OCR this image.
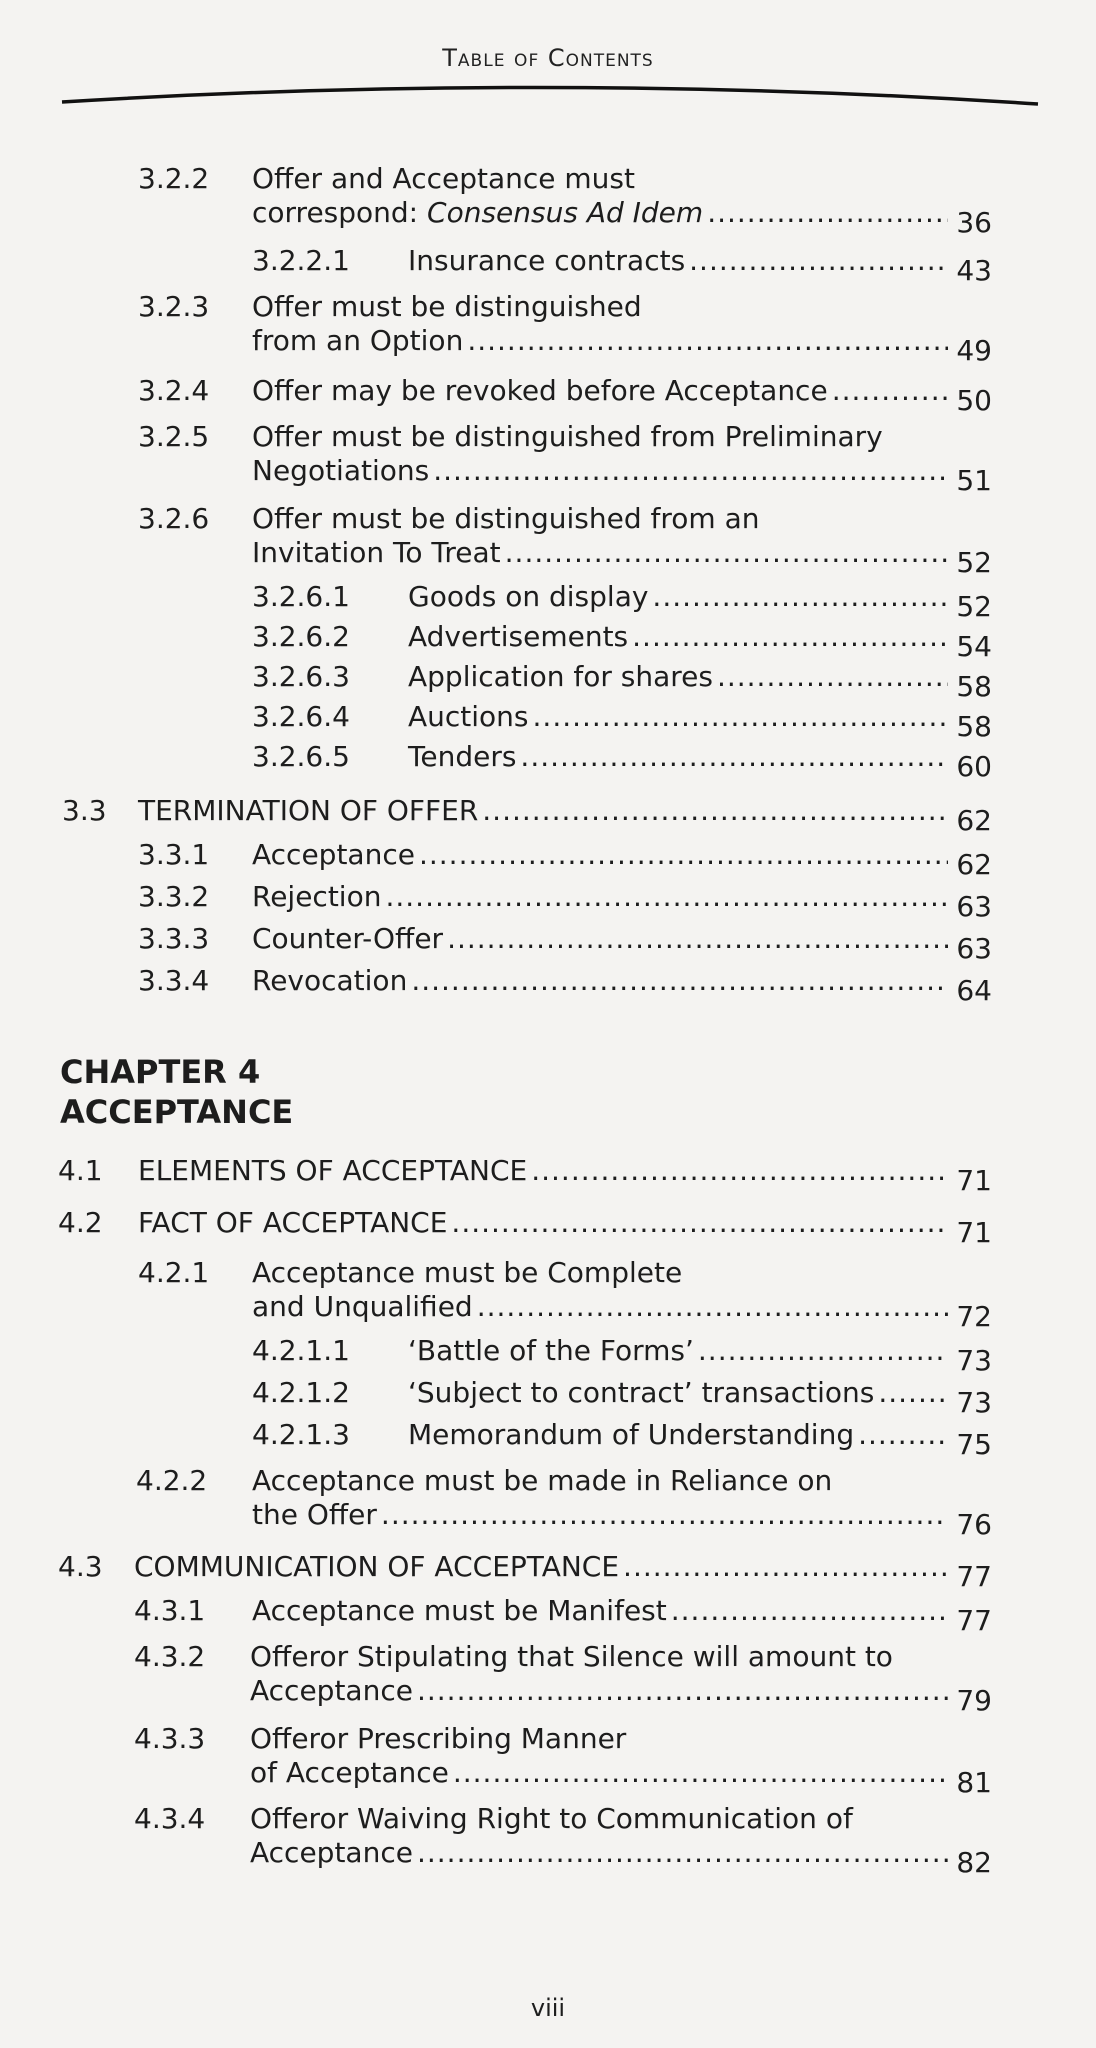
Table of Contents
3.2.2 Offer and Acceptance must
correspond: Consensus Ad Idem .....	36
3.2.2.1 Insurance contracts .....	43
3.2.3 Offer must be distinguished
from an Option .....	49
3.2.4 Offer may be revoked before Acceptance .....	50
3.2.5 Offer must be distinguished from Preliminary
Negotiations .....	51
3.2.6 Offer must be distinguished from an
Invitation To Treat .....	52
3.2.6.1 Goods on display .....	52
3.2.6.2 Advertisements .....	54
3.2.6.3 Application for shares .....	58
3.2.6.4 Auctions .....	58
3.2.6.5 Tenders .....	60
3.3 TERMINATION OF OFFER .....	62
3.3.1 Acceptance .....	62
3.3.2 Rejection .....	63
3.3.3 Counter-Offer .....	63
3.3.4 Revocation .....	64
CHAPTER 4
ACCEPTANCE
4.1 ELEMENTS OF ACCEPTANCE .....	71
4.2 FACT OF ACCEPTANCE .....	71
4.2.1 Acceptance must be Complete
and Unqualified .....	72
4.2.1.1 ‘Battle of the Forms’ .....	73
4.2.1.2 ‘Subject to contract’ transactions .....	73
4.2.1.3 Memorandum of Understanding .....	75
4.2.2 Acceptance must be made in Reliance on
the Offer .....	76
4.3 COMMUNICATION OF ACCEPTANCE .....	77
4.3.1 Acceptance must be Manifest .....	77
4.3.2 Offeror Stipulating that Silence will amount to
Acceptance .....	79
4.3.3 Offeror Prescribing Manner
of Acceptance .....	81
4.3.4 Offeror Waiving Right to Communication of
Acceptance .....	82
viii
